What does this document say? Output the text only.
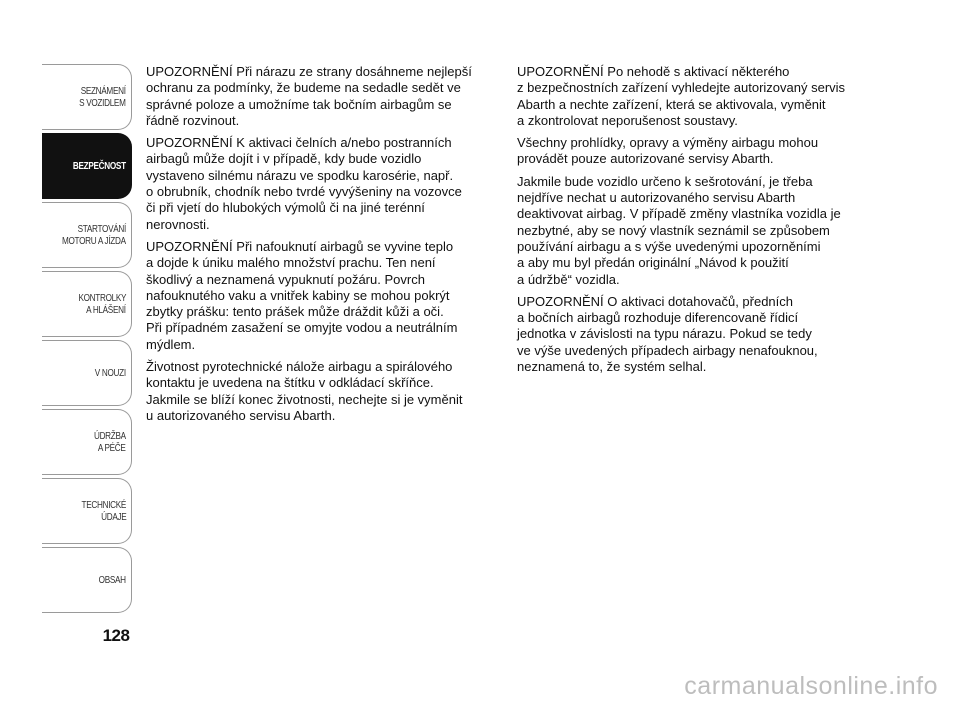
SEZNÁMENÍ
S VOZIDLEM
BEZPEČNOST
STARTOVÁNÍ
MOTORU A JÍZDA
KONTROLKY
A HLÁŠENÍ
V NOUZI
ÚDRŽBA
A PÉČE
TECHNICKÉ
ÚDAJE
OBSAH
128

UPOZORNĚNÍ Při nárazu ze strany dosáhneme nejlepší
ochranu za podmínky, že budeme na sedadle sedět ve
správné poloze a umožníme tak bočním airbagům se
řádně rozvinout.

UPOZORNĚNÍ K aktivaci čelních a/nebo postranních
airbagů může dojít i v případě, kdy bude vozidlo
vystaveno silnému nárazu ve spodku karosérie, např.
o obrubník, chodník nebo tvrdé vyvýšeniny na vozovce
či při vjetí do hlubokých výmolů či na jiné terénní
nerovnosti.

UPOZORNĚNÍ Při nafouknutí airbagů se vyvine teplo
a dojde k úniku malého množství prachu. Ten není
škodlivý a neznamená vypuknutí požáru. Povrch
nafouknutého vaku a vnitřek kabiny se mohou pokrýt
zbytky prášku: tento prášek může dráždit kůži a oči.
Při případném zasažení se omyjte vodou a neutrálním
mýdlem.

Životnost pyrotechnické nálože airbagu a spirálového
kontaktu je uvedena na štítku v odkládací skříňce.
Jakmile se blíží konec životnosti, nechejte si je vyměnit
u autorizovaného servisu Abarth.

UPOZORNĚNÍ Po nehodě s aktivací některého
z bezpečnostních zařízení vyhledejte autorizovaný servis
Abarth a nechte zařízení, která se aktivovala, vyměnit
a zkontrolovat neporušenost soustavy.

Všechny prohlídky, opravy a výměny airbagu mohou
provádět pouze autorizované servisy Abarth.

Jakmile bude vozidlo určeno k sešrotování, je třeba
nejdříve nechat u autorizovaného servisu Abarth
deaktivovat airbag. V případě změny vlastníka vozidla je
nezbytné, aby se nový vlastník seznámil se způsobem
používání airbagu a s výše uvedenými upozorněními
a aby mu byl předán originální „Návod k použití
a údržbě“ vozidla.

UPOZORNĚNÍ O aktivaci dotahovačů, předních
a bočních airbagů rozhoduje diferencovaně řídicí
jednotka v závislosti na typu nárazu. Pokud se tedy
ve výše uvedených případech airbagy nenafouknou,
neznamená to, že systém selhal.

carmanualsonline.info
